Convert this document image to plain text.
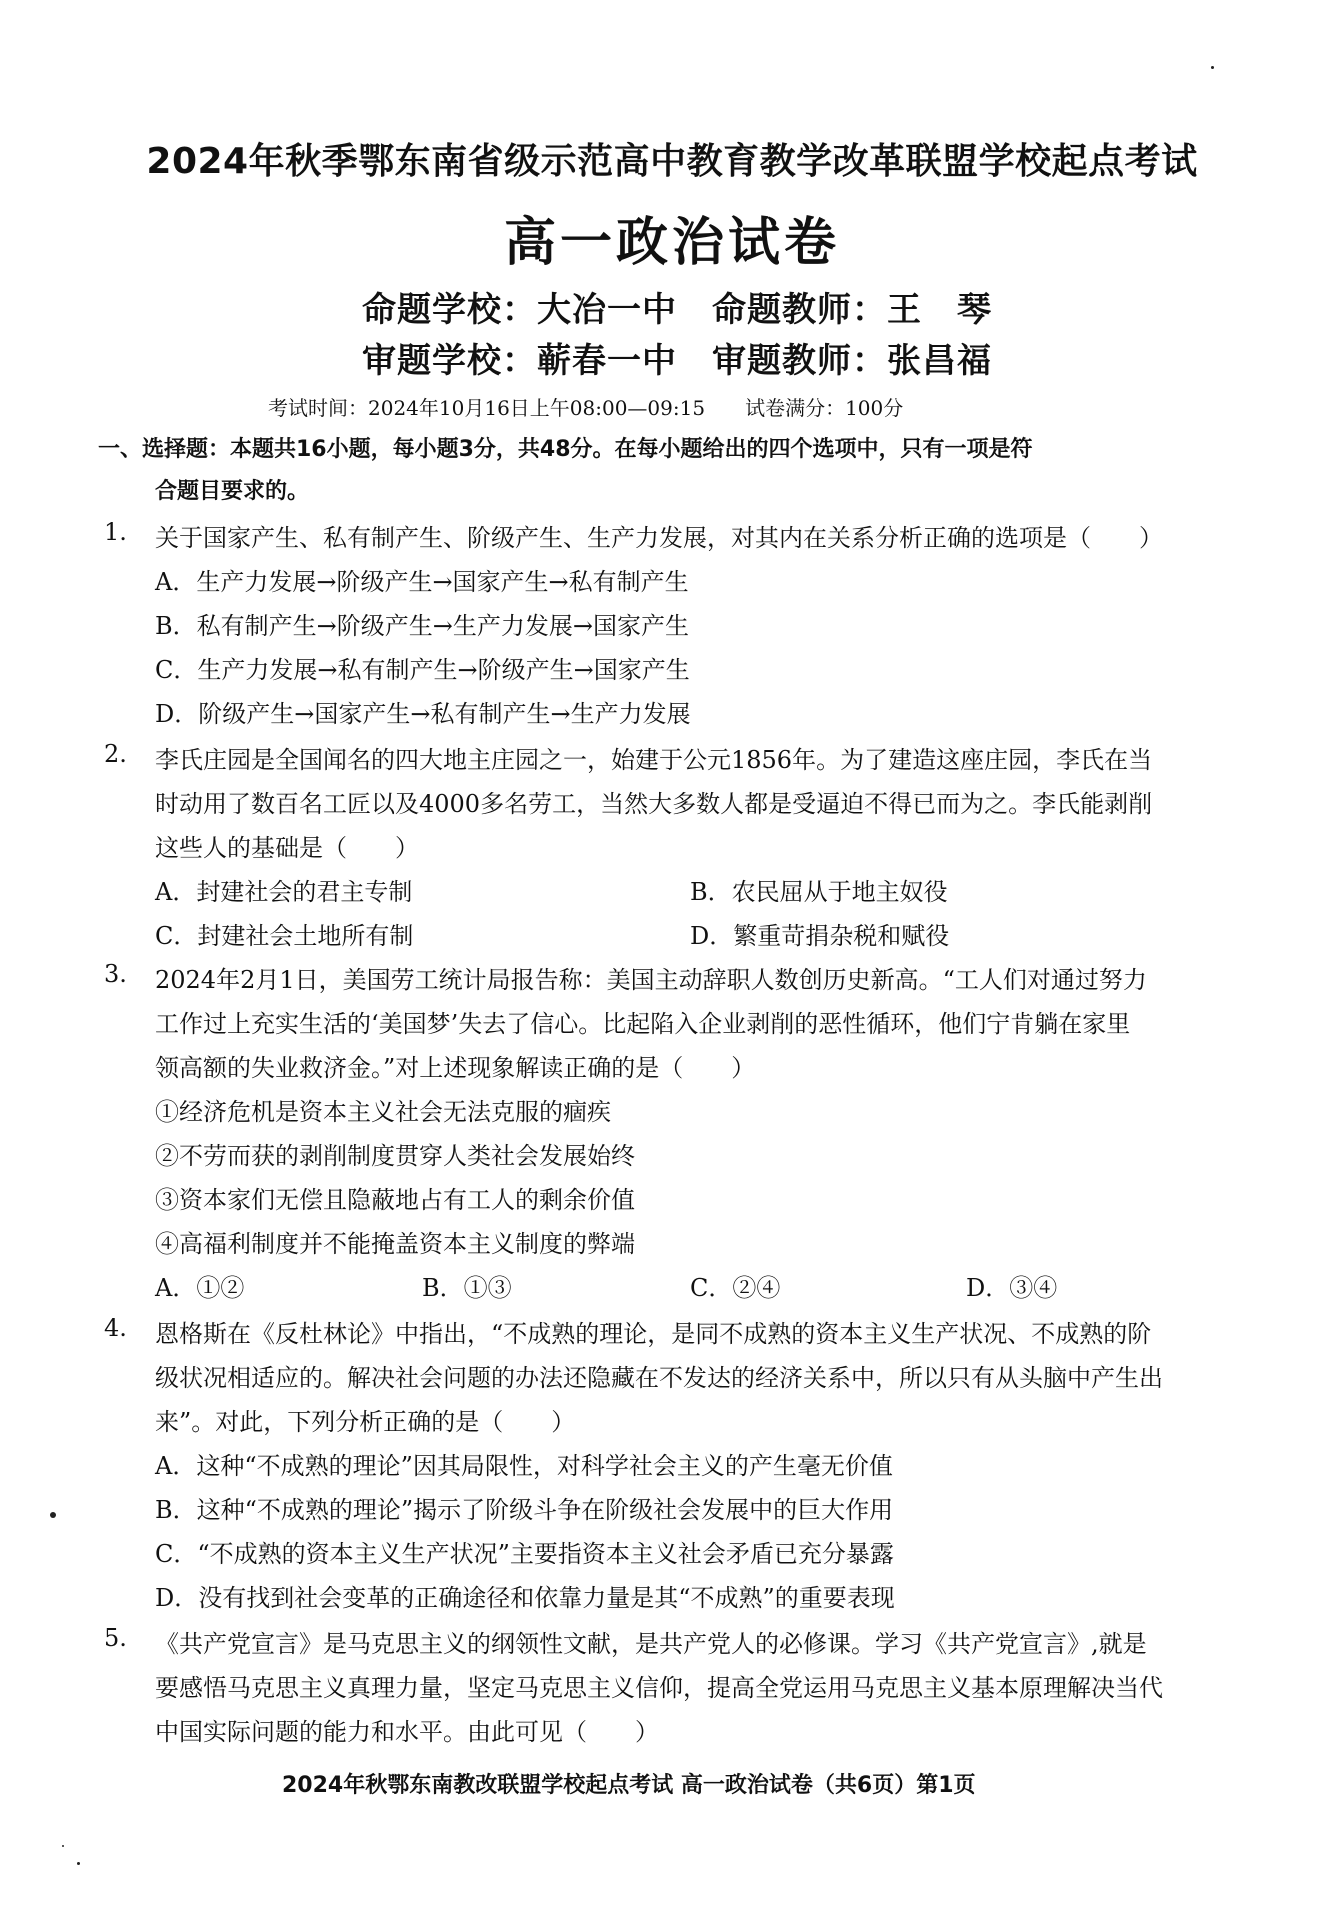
2024年秋季鄂东南省级示范高中教育教学改革联盟学校起点考试
高一政治试卷
命题学校：大冶一中　命题教师：王　琴
审题学校：蕲春一中　审题教师：张昌福
考试时间：2024年10月16日上午08:00—09:15　　试卷满分：100分
一、选择题：本题共16小题，每小题3分，共48分。在每小题给出的四个选项中，只有一项是符
合题目要求的。
1. 关于国家产生、私有制产生、阶级产生、生产力发展，对其内在关系分析正确的选项是（　　）
A．生产力发展→阶级产生→国家产生→私有制产生
B．私有制产生→阶级产生→生产力发展→国家产生
C．生产力发展→私有制产生→阶级产生→国家产生
D．阶级产生→国家产生→私有制产生→生产力发展
2. 李氏庄园是全国闻名的四大地主庄园之一，始建于公元1856年。为了建造这座庄园，李氏在当
时动用了数百名工匠以及4000多名劳工，当然大多数人都是受逼迫不得已而为之。李氏能剥削
这些人的基础是（　　）
A．封建社会的君主专制	B．农民屈从于地主奴役
C．封建社会土地所有制	D．繁重苛捐杂税和赋役
3. 2024年2月1日，美国劳工统计局报告称：美国主动辞职人数创历史新高。“工人们对通过努力
工作过上充实生活的‘美国梦’失去了信心。比起陷入企业剥削的恶性循环，他们宁肯躺在家里
领高额的失业救济金。”对上述现象解读正确的是（　　）
①经济危机是资本主义社会无法克服的痼疾
②不劳而获的剥削制度贯穿人类社会发展始终
③资本家们无偿且隐蔽地占有工人的剩余价值
④高福利制度并不能掩盖资本主义制度的弊端
A．①②	B．①③	C．②④	D．③④
4. 恩格斯在《反杜林论》中指出，“不成熟的理论，是同不成熟的资本主义生产状况、不成熟的阶
级状况相适应的。解决社会问题的办法还隐藏在不发达的经济关系中，所以只有从头脑中产生出
来”。对此，下列分析正确的是（　　）
A．这种“不成熟的理论”因其局限性，对科学社会主义的产生毫无价值
B．这种“不成熟的理论”揭示了阶级斗争在阶级社会发展中的巨大作用
C．“不成熟的资本主义生产状况”主要指资本主义社会矛盾已充分暴露
D．没有找到社会变革的正确途径和依靠力量是其“不成熟”的重要表现
5. 《共产党宣言》是马克思主义的纲领性文献，是共产党人的必修课。学习《共产党宣言》,就是
要感悟马克思主义真理力量，坚定马克思主义信仰，提高全党运用马克思主义基本原理解决当代
中国实际问题的能力和水平。由此可见（　　）
2024年秋鄂东南教改联盟学校起点考试 高一政治试卷（共6页）第1页
